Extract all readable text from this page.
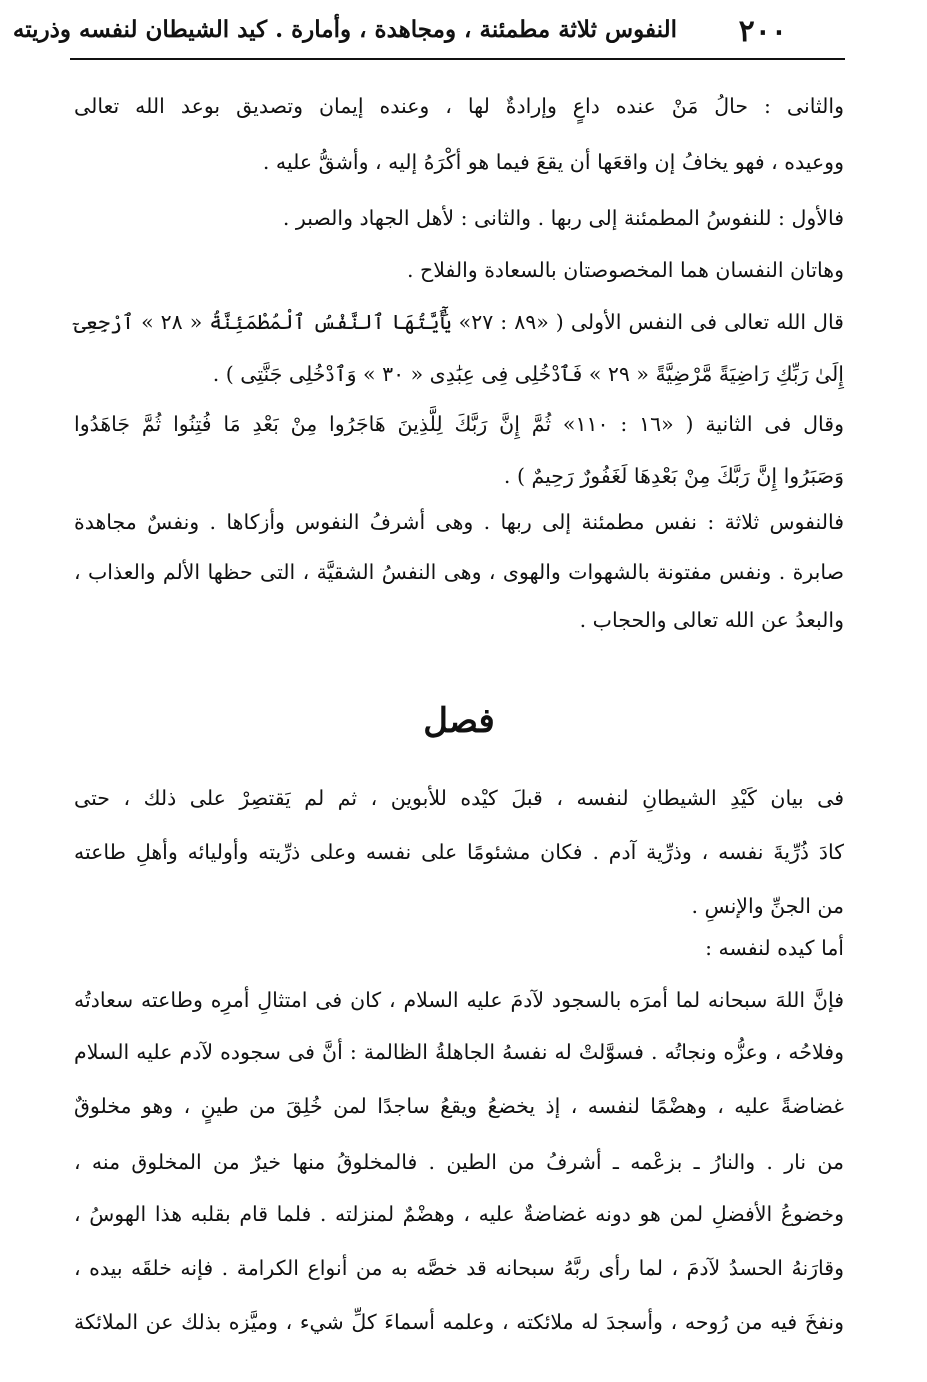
٢٠٠
النفوس ثلاثة مطمئنة ، ومجاهدة ، وأمارة . كيد الشيطان لنفسه وذريته
والثانى : حالُ مَنْ عنده داعٍ وإرادةٌ لها ، وعنده إيمان وتصديق بوعد الله تعالى
ووعيده ، فهو يخافُ إن واقعَها أن يقعَ فيما هو أكْرَهُ إليه ، وأشقُّ عليه .
فالأول : للنفوسُ المطمئنة إلى ربها . والثانى : لأهل الجهاد والصبر .
وهاتان النفسان هما المخصوصتان بالسعادة والفلاح .
قال الله تعالى فى النفس الأولى ( «٨٩ : ٢٧» يَٰٓأَيَّتُهَا ٱلنَّفْسُ ٱلْمُطْمَئِنَّةُ « ٢٨ » ٱرْجِعِىٓ
إِلَىٰ رَبِّكِ رَاضِيَةً مَّرْضِيَّةً « ٢٩ » فَٱدْخُلِى فِى عِبَٰدِى « ٣٠ » وَٱدْخُلِى جَنَّتِى ) .
وقال فى الثانية ( «١٦ : ١١٠» ثُمَّ إِنَّ رَبَّكَ لِلَّذِينَ هَاجَرُوا مِنْ بَعْدِ مَا فُتِنُوا ثُمَّ جَاهَدُوا
وَصَبَرُوا إِنَّ رَبَّكَ مِنْ بَعْدِهَا لَغَفُورٌ رَحِيمٌ ) .
فالنفوس ثلاثة : نفس مطمئنة إلى ربها . وهى أشرفُ النفوس وأزكاها . ونفسٌ مجاهدة
صابرة . ونفس مفتونة بالشهوات والهوى ، وهى النفسُ الشقيَّة ، التى حظها الألم والعذاب ،
والبعدُ عن الله تعالى والحجاب .
فصل
فى بيان كَيْدِ الشيطانِ لنفسه ، قبلَ كيْده للأبوين ، ثم لم يَقتصِرْ على ذلك ، حتى
كادَ ذُرِّيةَ نفسه ، وذرِّية آدم . فكان مشئومًا على نفسه وعلى ذرِّيته وأوليائه وأهلِ طاعته
من الجنِّ والإنسِ .
أما كيده لنفسه :
فإنَّ اللهَ سبحانه لما أمرَه بالسجود لآدمَ عليه السلام ، كان فى امتثالِ أمرِه وطاعته سعادتُه
وفلاحُه ، وعزُّه ونجاتُه . فسوَّلتْ له نفسهُ الجاهلةُ الظالمة : أنَّ فى سجوده لآدم عليه السلام
غضاضةً عليه ، وهضْمًا لنفسه ، إذ يخضعُ ويقعُ ساجدًا لمن خُلِقَ من طينٍ ، وهو مخلوقٌ
من نار . والنارُ ـ بزعْمه ـ أشرفُ من الطين . فالمخلوقُ منها خيرٌ من المخلوق منه ،
وخضوعُ الأفضلِ لمن هو دونه غضاضةٌ عليه ، وهضْمٌ لمنزلته . فلما قام بقلبه هذا الهوسُ ،
وقارَنهُ الحسدُ لآدمَ ، لما رأى ربَّهُ سبحانه قد خصَّه به من أنواع الكرامة . فإنه خلقَه بيده ،
ونفخَ فيه من رُوحه ، وأسجدَ له ملائكته ، وعلمه أسماءَ كلِّ شيء ، وميَّزه بذلك عن الملائكة
